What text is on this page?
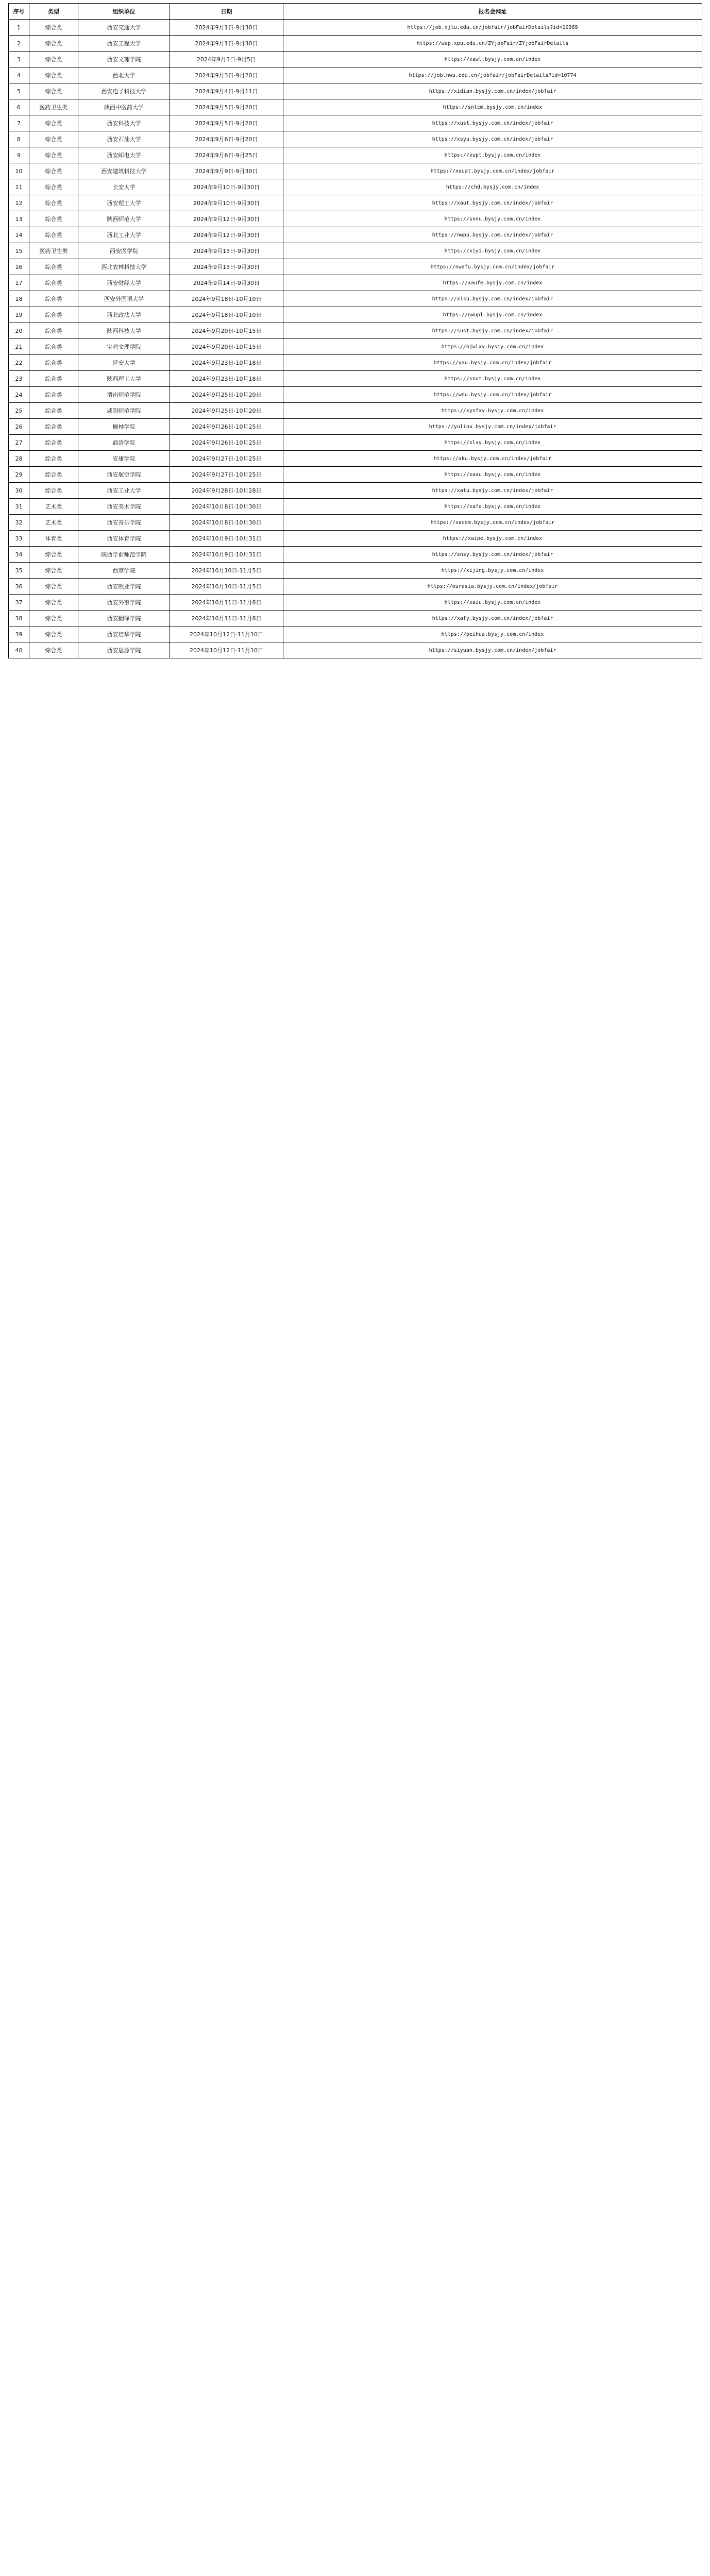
序号	类型	组织单位	日期	报名会网址
1	综合类	西安交通大学	2024年9月1日-9月30日	https://job.xjtu.edu.cn/jobfair/jobFairDetails?id=10369
2	综合类	西安工程大学	2024年9月1日-9月30日	https://wap.xpu.edu.cn/ZYjobFair/ZYjobFairDetails
3	综合类	西安文理学院	2024年9月3日-9月5日	https://xawl.bysjy.com.cn/index
4	综合类	西北大学	2024年9月3日-9月20日	https://job.nwu.edu.cn/jobfair/jobFairDetails?id=10774
5	综合类	西安电子科技大学	2024年9月4日-9月11日	https://xidian.bysjy.com.cn/index/jobfair
6	医药卫生类	陕西中医药大学	2024年9月5日-9月20日	https://sntcm.bysjy.com.cn/index
7	综合类	西安科技大学	2024年9月5日-9月20日	https://xust.bysjy.com.cn/index/jobfair
8	综合类	西安石油大学	2024年9月6日-9月20日	https://xsyu.bysjy.com.cn/index/jobfair
9	综合类	西安邮电大学	2024年9月6日-9月25日	https://xupt.bysjy.com.cn/index
10	综合类	西安建筑科技大学	2024年9月9日-9月30日	https://xauat.bysjy.com.cn/index/jobfair
11	综合类	长安大学	2024年9月10日-9月30日	https://chd.bysjy.com.cn/index
12	综合类	西安理工大学	2024年9月10日-9月30日	https://xaut.bysjy.com.cn/index/jobfair
13	综合类	陕西师范大学	2024年9月12日-9月30日	https://snnu.bysjy.com.cn/index
14	综合类	西北工业大学	2024年9月12日-9月30日	https://nwpu.bysjy.com.cn/index/jobfair
15	医药卫生类	西安医学院	2024年9月13日-9月30日	https://xiyi.bysjy.com.cn/index
16	综合类	西北农林科技大学	2024年9月13日-9月30日	https://nwafu.bysjy.com.cn/index/jobfair
17	综合类	西安财经大学	2024年9月14日-9月30日	https://xaufe.bysjy.com.cn/index
18	综合类	西安外国语大学	2024年9月18日-10月10日	https://xisu.bysjy.com.cn/index/jobfair
19	综合类	西北政法大学	2024年9月18日-10月10日	https://nwupl.bysjy.com.cn/index
20	综合类	陕西科技大学	2024年9月20日-10月15日	https://sust.bysjy.com.cn/index/jobfair
21	综合类	宝鸡文理学院	2024年9月20日-10月15日	https://bjwlxy.bysjy.com.cn/index
22	综合类	延安大学	2024年9月23日-10月18日	https://yau.bysjy.com.cn/index/jobfair
23	综合类	陕西理工大学	2024年9月23日-10月18日	https://snut.bysjy.com.cn/index
24	综合类	渭南师范学院	2024年9月25日-10月20日	https://wnu.bysjy.com.cn/index/jobfair
25	综合类	咸阳师范学院	2024年9月25日-10月20日	https://xysfxy.bysjy.com.cn/index
26	综合类	榆林学院	2024年9月26日-10月25日	https://yulinu.bysjy.com.cn/index/jobfair
27	综合类	商洛学院	2024年9月26日-10月25日	https://slxy.bysjy.com.cn/index
28	综合类	安康学院	2024年9月27日-10月25日	https://aku.bysjy.com.cn/index/jobfair
29	综合类	西安航空学院	2024年9月27日-10月25日	https://xaau.bysjy.com.cn/index
30	综合类	西安工业大学	2024年9月28日-10月28日	https://xatu.bysjy.com.cn/index/jobfair
31	艺术类	西安美术学院	2024年10月8日-10月30日	https://xafa.bysjy.com.cn/index
32	艺术类	西安音乐学院	2024年10月8日-10月30日	https://xacom.bysjy.com.cn/index/jobfair
33	体育类	西安体育学院	2024年10月9日-10月31日	https://xaipe.bysjy.com.cn/index
34	综合类	陕西学前师范学院	2024年10月9日-10月31日	https://snsy.bysjy.com.cn/index/jobfair
35	综合类	西京学院	2024年10月10日-11月5日	https://xijing.bysjy.com.cn/index
36	综合类	西安欧亚学院	2024年10月10日-11月5日	https://eurasia.bysjy.com.cn/index/jobfair
37	综合类	西安外事学院	2024年10月11日-11月8日	https://xaiu.bysjy.com.cn/index
38	综合类	西安翻译学院	2024年10月11日-11月8日	https://xafy.bysjy.com.cn/index/jobfair
39	综合类	西安培华学院	2024年10月12日-11月10日	https://peihua.bysjy.com.cn/index
40	综合类	西安思源学院	2024年10月12日-11月10日	https://siyuan.bysjy.com.cn/index/jobfair
